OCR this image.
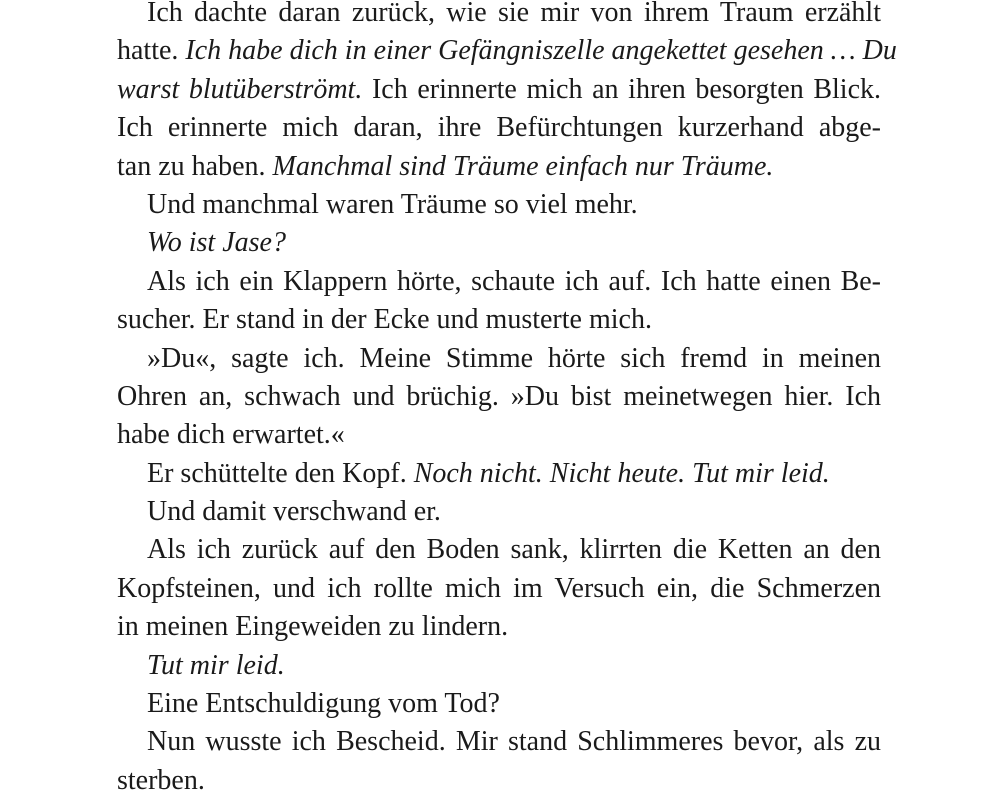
Ich dachte daran zurück, wie sie mir von ihrem Traum erzählt
hatte. Ich habe dich in einer Gefängniszelle angekettet gesehen … Du
warst blutüberströmt. Ich erinnerte mich an ihren besorgten Blick.
Ich erinnerte mich daran, ihre Befürchtungen kurzerhand abge-
tan zu haben. Manchmal sind Träume einfach nur Träume.
Und manchmal waren Träume so viel mehr.
Wo ist Jase?
Als ich ein Klappern hörte, schaute ich auf. Ich hatte einen Be-
sucher. Er stand in der Ecke und musterte mich.
»Du«, sagte ich. Meine Stimme hörte sich fremd in meinen
Ohren an, schwach und brüchig. »Du bist meinetwegen hier. Ich
habe dich erwartet.«
Er schüttelte den Kopf. Noch nicht. Nicht heute. Tut mir leid.
Und damit verschwand er.
Als ich zurück auf den Boden sank, klirrten die Ketten an den
Kopfsteinen, und ich rollte mich im Versuch ein, die Schmerzen
in meinen Eingeweiden zu lindern.
Tut mir leid.
Eine Entschuldigung vom Tod?
Nun wusste ich Bescheid. Mir stand Schlimmeres bevor, als zu
sterben.
